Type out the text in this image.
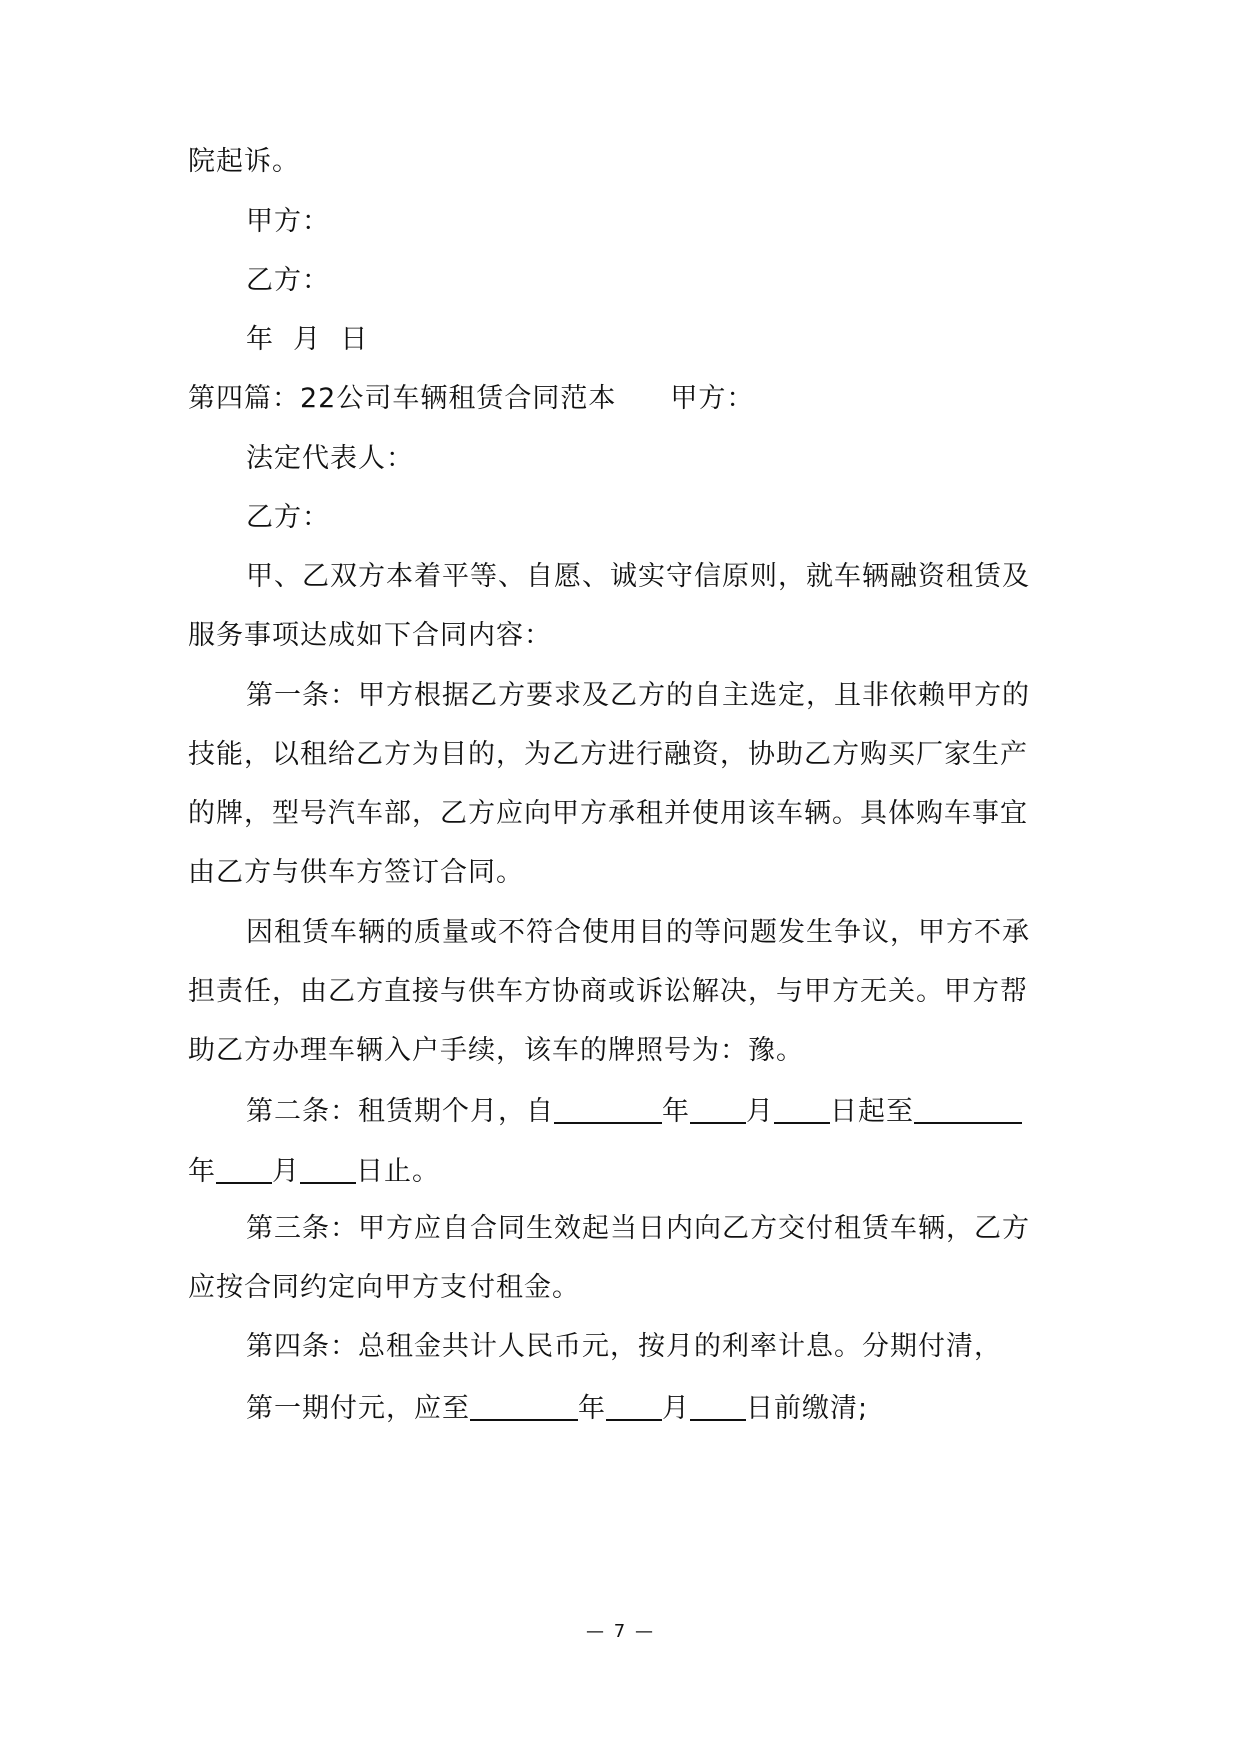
院起诉。
甲方：
乙方：
年  月  日
第四篇：22公司车辆租赁合同范本 甲方：
法定代表人：
乙方：
甲、乙双方本着平等、自愿、诚实守信原则，就车辆融资租赁及
服务事项达成如下合同内容：
第一条：甲方根据乙方要求及乙方的自主选定，且非依赖甲方的
技能，以租给乙方为目的，为乙方进行融资，协助乙方购买厂家生产
的牌，型号汽车部，乙方应向甲方承租并使用该车辆。具体购车事宜
由乙方与供车方签订合同。
因租赁车辆的质量或不符合使用目的等问题发生争议，甲方不承
担责任，由乙方直接与供车方协商或诉讼解决，与甲方无关。甲方帮
助乙方办理车辆入户手续，该车的牌照号为：豫。
第二条：租赁期个月，自	年 月 日起至
年 月 日止。
第三条：甲方应自合同生效起当日内向乙方交付租赁车辆，乙方
应按合同约定向甲方支付租金。
第四条：总租金共计人民币元，按月的利率计息。分期付清，
第一期付元，应至	年 月 日前缴清;
— 7 —
